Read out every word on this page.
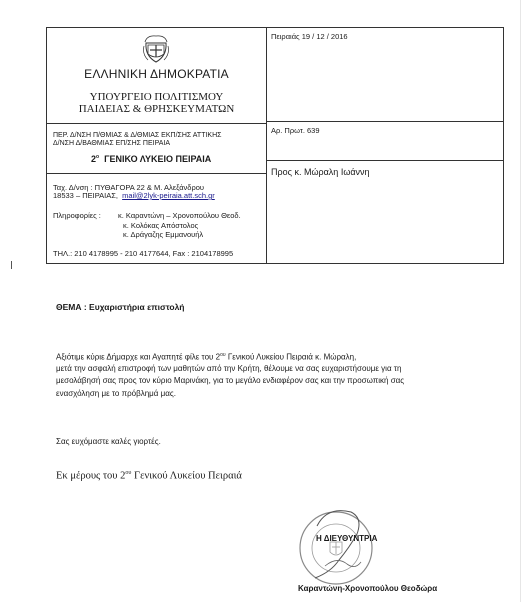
ΕΛΛΗΝΙΚΗ ΔΗΜΟΚΡΑΤΙΑ
ΥΠΟΥΡΓΕΙΟ ΠΟΛΙΤΙΣΜΟΥ
ΠΑΙΔΕΙΑΣ & ΘΡΗΣΚΕΥΜΑΤΩΝ
ΠΕΡ. Δ/ΝΣΗ Π/ΘΜΙΑΣ & Δ/ΘΜΙΑΣ ΕΚΠ/ΣΗΣ ΑΤΤΙΚΗΣ
Δ/ΝΣΗ Δ/ΒΑΘΜΙΑΣ ΕΠ/ΣΗΣ ΠΕΙΡΑΙΑ
$2^o$ ΓΕΝΙΚΟ ΛΥΚΕΙΟ ΠΕΙΡΑΙΑ
Ταχ. Δ/νση : ΠΥΘΑΓΟΡΑ 22 & Μ. Αλεξάνδρου
18533 – ΠΕΙΡΑΙΑΣ, mail@2lyk-peiraia.att.sch.gr
Πληροφορίες : κ. Καραντώνη – Χρονοπούλου Θεοδ.
κ. Κολόκας Απόστολος
κ. Δράγαζης Εμμανουήλ
ΤΗΛ.: 210 4178995 - 210 4177644, Fax : 2104178995
Πειραιάς 19 / 12 / 2016
Αρ. Πρωτ. 639
Προς κ. Μώραλη Ιωάννη
ΘΕΜΑ : Ευχαριστήρια επιστολή
Αξιότιμε κύριε Δήμαρχε και Αγαπητέ φίλε του $2^{o\upsilon}$ Γενικού Λυκείου Πειραιά κ. Μώραλη,
μετά την ασφαλή επιστροφή των μαθητών από την Κρήτη, θέλουμε να σας ευχαριστήσουμε για τη
μεσολάβησή σας προς τον κύριο Μαρινάκη, για το μεγάλο ενδιαφέρον σας και την προσωπική σας
ενασχόληση με το πρόβλημά μας.
Σας ευχόμαστε καλές γιορτές.
Εκ μέρους του $2^{o\upsilon}$ Γενικού Λυκείου Πειραιά
Η ΔΙΕΥΘΥΝΤΡΙΑ
Καραντώνη-Χρονοπούλου Θεοδώρα
